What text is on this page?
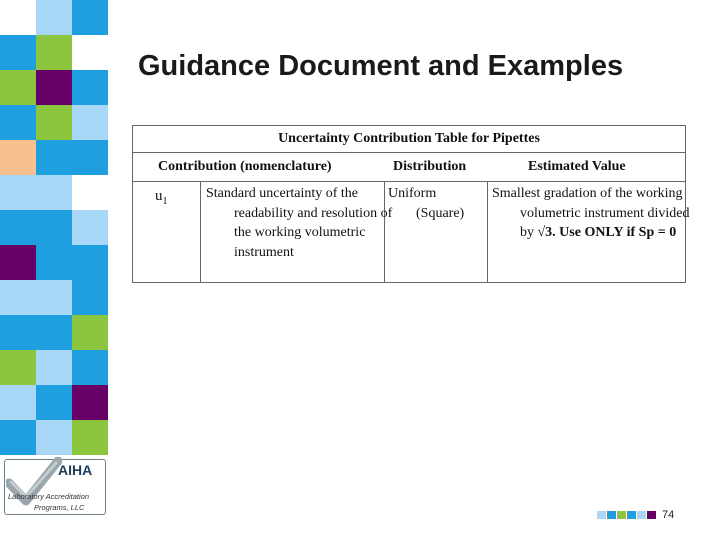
Guidance Document and Examples
Uncertainty Contribution Table for Pipettes
Contribution (nomenclature)	Distribution	Estimated Value
$u_1$
Standard uncertainty of the readability and resolution of the working volumetric instrument
Uniform (Square)
Smallest gradation of the working volumetric instrument divided by √3. Use ONLY if Sp = 0
AIHA
Laboratory Accreditation
Programs, LLC
74
